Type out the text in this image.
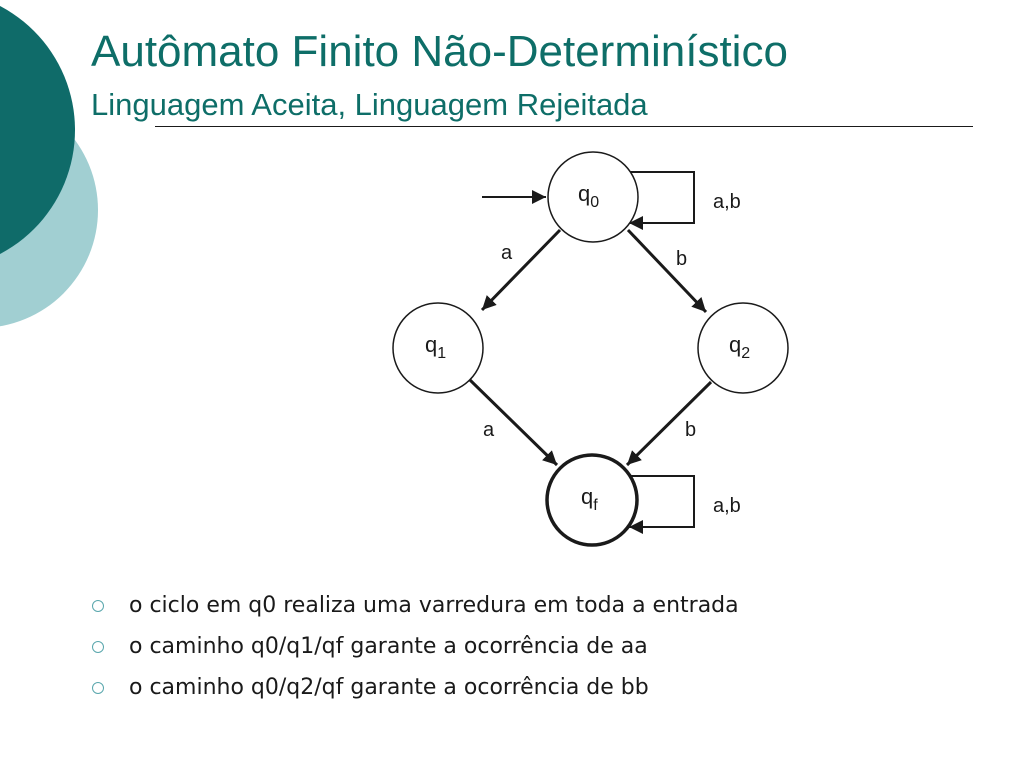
Autômato Finito Não-Determinístico
Linguagem Aceita, Linguagem Rejeitada
a,b
a	b
a	b
a,b
$q_0$
$q_1$	$q_2$
$q_f$
o ciclo em q0 realiza uma varredura em toda a entrada
o caminho q0/q1/qf garante a ocorrência de aa
o caminho q0/q2/qf garante a ocorrência de bb
